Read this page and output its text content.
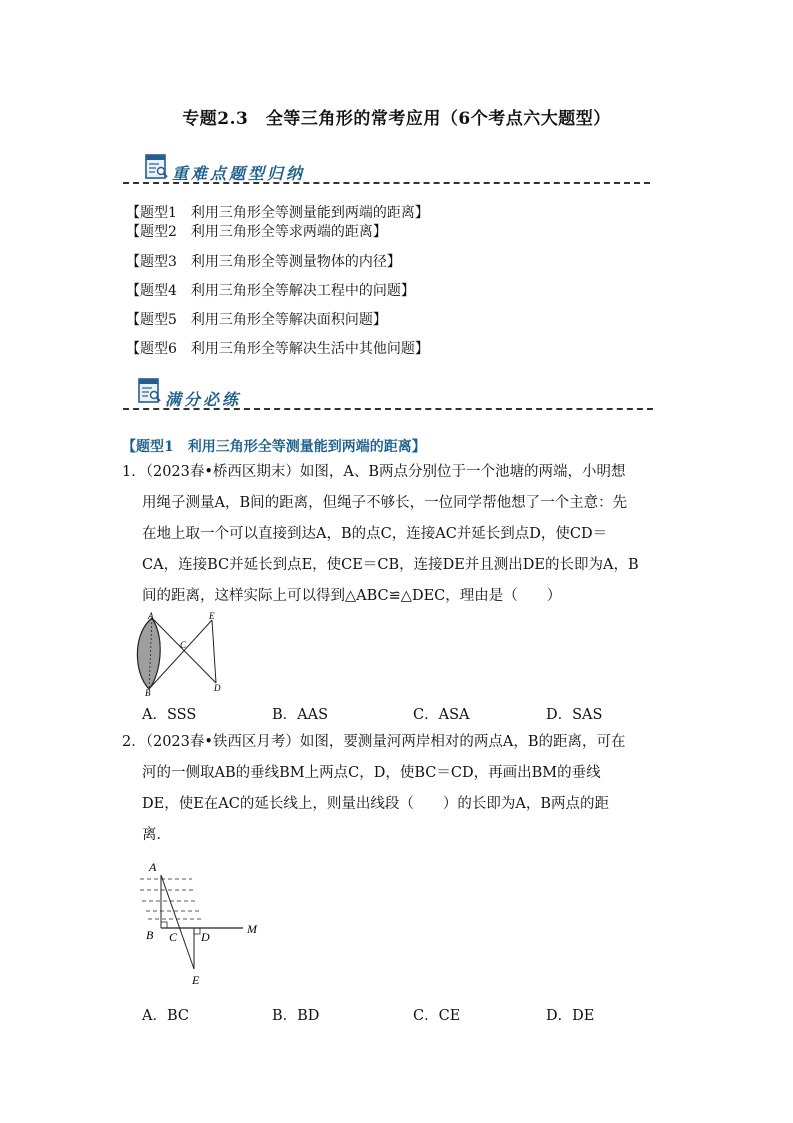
专题2.3　全等三角形的常考应用（6个考点六大题型）
重难点题型归纳
【题型1　利用三角形全等测量能到两端的距离】
【题型2　利用三角形全等求两端的距离】
【题型3　利用三角形全等测量物体的内径】
【题型4　利用三角形全等解决工程中的问题】
【题型5　利用三角形全等解决面积问题】
【题型6　利用三角形全等解决生活中其他问题】
满分必练
【题型1　利用三角形全等测量能到两端的距离】
1．（2023春•桥西区期末）如图，A、B两点分别位于一个池塘的两端，小明想
用绳子测量A，B间的距离，但绳子不够长，一位同学帮他想了一个主意：先
在地上取一个可以直接到达A，B的点C，连接AC并延长到点D，使CD＝
CA，连接BC并延长到点E，使CE＝CB，连接DE并且测出DE的长即为A，B
间的距离，这样实际上可以得到△ABC≌△DEC，理由是（　　）
A
B
C
E
D
A．SSS	B．AAS	C．ASA	D．SAS
2．（2023春•铁西区月考）如图，要测量河两岸相对的两点A，B的距离，可在
河的一侧取AB的垂线BM上两点C，D，使BC＝CD，再画出BM的垂线
DE，使E在AC的延长线上，则量出线段（　　）的长即为A，B两点的距
离．
A
B C D
M
E
A．BC	B．BD	C．CE	D．DE
